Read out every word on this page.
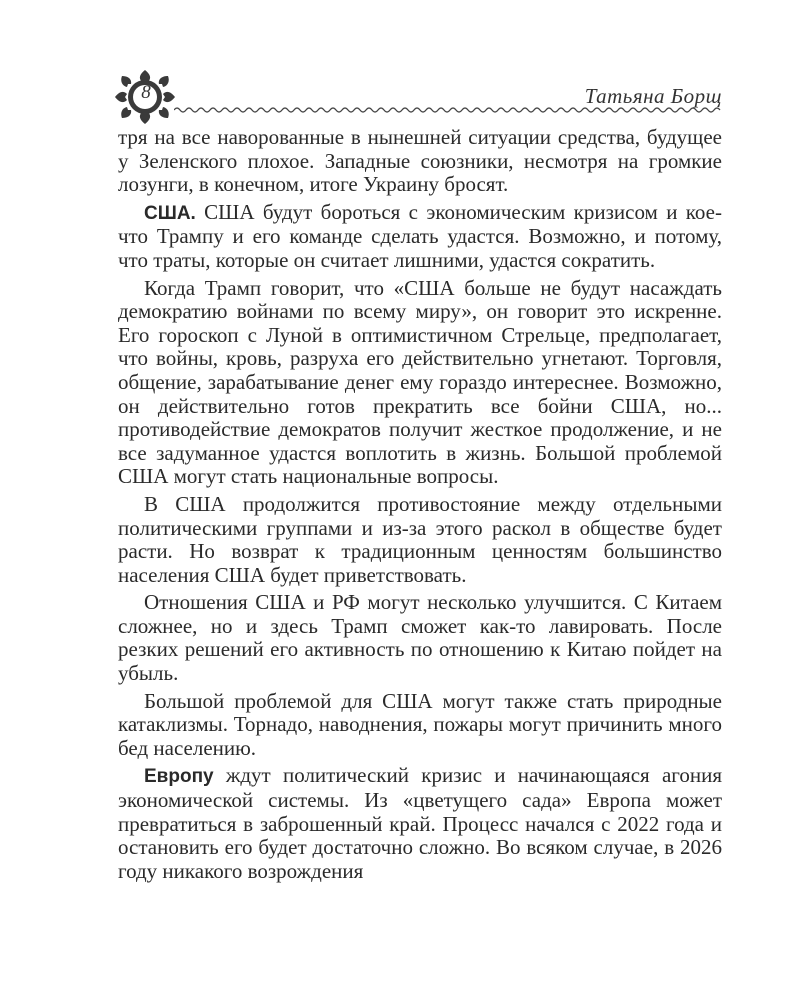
8	Татьяна Борщ

тря на все наворованные в нынешней ситуации средства, будущее у Зеленского плохое. Западные союзники, несмотря на громкие лозунги, в конечном, итоге Украину бросят.

США. США будут бороться с экономическим кризисом и кое-что Трампу и его команде сделать удастся. Возможно, и потому, что траты, которые он считает лишними, удастся сократить.

Когда Трамп говорит, что «США больше не будут насаждать демократию войнами по всему миру», он говорит это искренне. Его гороскоп с Луной в оптимистичном Стрельце, предполагает, что войны, кровь, разруха его действительно угнетают. Торговля, общение, зарабатывание денег ему гораздо интереснее. Возможно, он действительно готов прекратить все бойни США, но... противодействие демократов получит жесткое продолжение, и не все задуманное удастся воплотить в жизнь. Большой проблемой США могут стать национальные вопросы.

В США продолжится противостояние между отдельными политическими группами и из-за этого раскол в обществе будет расти. Но возврат к традиционным ценностям большинство населения США будет приветствовать.

Отношения США и РФ могут несколько улучшится. С Китаем сложнее, но и здесь Трамп сможет как-то лавировать. После резких решений его активность по отношению к Китаю пойдет на убыль.

Большой проблемой для США могут также стать природные катаклизмы. Торнадо, наводнения, пожары могут причинить много бед населению.

Европу ждут политический кризис и начинающаяся агония экономической системы. Из «цветущего сада» Европа может превратиться в заброшенный край. Процесс начался с 2022 года и остановить его будет достаточно сложно. Во всяком случае, в 2026 году никакого возрождения
